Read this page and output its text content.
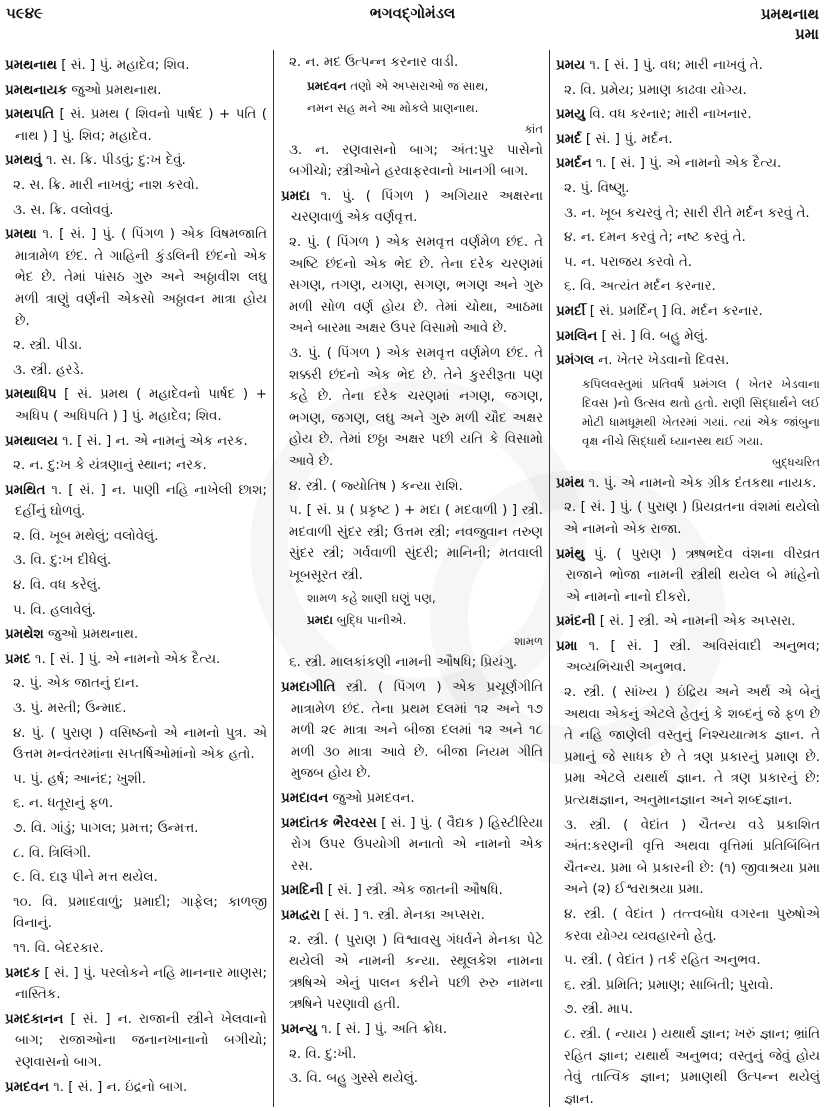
૫૯૪૯	ભગવદ્ગોમંડલ	પ્રમથનાથ
પ્રમા
પ્રમથનાથ [ સં. ] પું. મહાદેવ; શિવ.
પ્રમથનાયક જુઓ પ્રમથનાથ.
પ્રમથપતિ [ સં. પ્રમથ ( શિવનો પાર્ષદ ) + પતિ ( નાથ ) ] પું. શિવ; મહાદેવ.
પ્રમથવું ૧. સ. ક્રિ. પીડવું; દુ:ખ દેવું.
૨. સ. ક્રિ. મારી નાખવું; નાશ કરવો.
૩. સ. ક્રિ. વલોવવું.
પ્રમથા ૧. [ સં. ] પું. ( પિંગળ ) એક વિષમજાતિ માત્રામેળ છંદ. તે ગાહિની કુંડલિની છંદનો એક ભેદ છે. તેમાં પાંસઠ ગુરુ અને અઠ્ઠાવીશ લઘુ મળી ત્રાણું વર્ણની એકસો અઠ્ઠાવન માત્રા હોય છે.
૨. સ્ત્રી. પીડા.
૩. સ્ત્રી. હરડે.
પ્રમથાધિપ [ સં. પ્રમથ ( મહાદેવનો પાર્ષદ ) + અધિપ ( અધિપતિ ) ] પું. મહાદેવ; શિવ.
પ્રમથાલય ૧. [ સં. ] ન. એ નામનું એક નરક.
૨. ન. દુ:ખ કે યંત્રણાનું સ્થાન; નરક.
પ્રમથિત ૧. [ સં. ] ન. પાણી નહિ નાખેલી છાશ; દહીંનું ઘોળવું.
૨. વિ. ખૂબ મથેલું; વલોવેલું.
૩. વિ. દુ:ખ દીધેલું.
૪. વિ. વધ કરેલું.
૫. વિ. હલાવેલું.
પ્રમથેશ જુઓ પ્રમથનાથ.
પ્રમદ ૧. [ સં. ] પું. એ નામનો એક દૈત્ય.
૨. પું. એક જાતનું દાન.
૩. પું. મસ્તી; ઉન્માદ.
૪. પું. ( પુરાણ ) વસિષ્ઠનો એ નામનો પુત્ર. એ ઉત્તમ મન્વંતરમાંના સપ્તર્ષિઓમાંનો એક હતો.
૫. પું. હર્ષ; આનંદ; ખુશી.
૬. ન. ધતૂરાનું ફળ.
૭. વિ. ગાંડું; પાગલ; પ્રમત્ત; ઉન્મત્ત.
૮. વિ. ત્રિલિંગી.
૯. વિ. દારૂ પીને મત્ત થયેલ.
૧૦. વિ. પ્રમાદવાળું; પ્રમાદી; ગાફેલ; કાળજી વિનાનું.
૧૧. વિ. બેદરકાર.
પ્રમદક [ સં. ] પું. પરલોકને નહિ માનનાર માણસ; નાસ્તિક.
પ્રમદકાનન [ સં. ] ન. રાજાની સ્ત્રીને ખેલવાનો બાગ; રાજાઓના જનાનખાનાનો બગીચો; રણવાસનો બાગ.
પ્રમદવન ૧. [ સં. ] ન. ઇંદ્રનો બાગ.
૨. ન. મદ ઉત્પન્ન કરનાર વાડી.
પ્રમદવન તણો એ અપ્સરાઓ જ સાથ,
નમન સહ મને આ મોકલે પ્રાણનાથ.
કાંત
૩. ન. રણવાસનો બાગ; અંત:પુર પાસેનો બગીચો; સ્ત્રીઓને હરવાફરવાનો ખાનગી બાગ.
પ્રમદા ૧. પું. ( પિંગળ ) અગિયાર અક્ષરના ચરણવાળું એક વર્ણવૃત્ત.
૨. પું. ( પિંગળ ) એક સમવૃત્ત વર્ણમેળ છંદ. તે અષ્ટિ છંદનો એક ભેદ છે. તેના દરેક ચરણમાં સગણ, તગણ, યગણ, સગણ, ભગણ અને ગુરુ મળી સોળ વર્ણ હોય છે. તેમાં ચોથા, આઠમા અને બારમા અક્ષર ઉપર વિસામો આવે છે.
૩. પું. ( પિંગળ ) એક સમવૃત્ત વર્ણમેળ છંદ. તે શક્કરી છંદનો એક ભેદ છે. તેને કુરરીરૂતા પણ કહે છે. તેના દરેક ચરણમાં નગણ, જગણ, ભગણ, જગણ, લઘુ અને ગુરુ મળી ચૌદ અક્ષર હોય છે. તેમાં છઠ્ઠા અક્ષર પછી યતિ કે વિસામો આવે છે.
૪. સ્ત્રી. ( જ્યોતિષ ) કન્યા રાશિ.
૫. [ સં. પ્ર ( પ્રકૃષ્ટ ) + મદા ( મદવાળી ) ] સ્ત્રી. મદવાળી સુંદર સ્ત્રી; ઉત્તમ સ્ત્રી; નવજુવાન તરુણ સુંદર સ્ત્રી; ગર્વવાળી સુંદરી; માનિની; મતવાલી ખૂબસૂરત સ્ત્રી.
શામળ કહે શાણી ઘણું પણ,
પ્રમદા બુદ્ધિ પાનીએ.
શામળ
૬. સ્ત્રી. માલકાંકણી નામની ઔષધિ; પ્રિયંગુ.
પ્રમદાગીતિ સ્ત્રી. ( પિંગળ ) એક પ્રચૂર્ણગીતિ માત્રામેળ છંદ. તેના પ્રથમ દલમાં ૧૨ અને ૧૭ મળી ૨૯ માત્રા અને બીજા દલમાં ૧૨ અને ૧૮ મળી ૩૦ માત્રા આવે છે. બીજા નિયમ ગીતિ મુજબ હોય છે.
પ્રમદાવન જુઓ પ્રમદવન.
પ્રમદાંતક ભૈરવરસ [ સં. ] પું. ( વૈદ્યક ) હિસ્ટીરિયા રોગ ઉપર ઉપયોગી મનાતો એ નામનો એક રસ.
પ્રમદિની [ સં. ] સ્ત્રી. એક જાતની ઔષધિ.
પ્રમદ્વરા [ સં. ] ૧. સ્ત્રી. મેનકા અપ્સરા.
૨. સ્ત્રી. ( પુરાણ ) વિશ્વાવસુ ગંધર્વને મેનકા પેટે થયેલી એ નામની કન્યા. સ્થૂલકેશ નામના ઋષિએ એનું પાલન કરીને પછી રુરુ નામના ઋષિને પરણાવી હતી.
પ્રમન્યુ ૧. [ સં. ] પું. અતિ ક્રોધ.
૨. વિ. દુ:ખી.
૩. વિ. બહુ ગુસ્સે થયેલું.
પ્રમય ૧. [ સં. ] પું. વધ; મારી નાખવું તે.
૨. વિ. પ્રમેય; પ્રમાણ કાઢવા યોગ્ય.
પ્રમયુ વિ. વધ કરનાર; મારી નાખનાર.
પ્રમર્દ [ સં. ] પું. મર્દન.
પ્રમર્દન ૧. [ સં. ] પું. એ નામનો એક દૈત્ય.
૨. પું. વિષ્ણુ.
૩. ન. ખૂબ કચરવું તે; સારી રીતે મર્દન કરવું તે.
૪. ન. દમન કરવું તે; નષ્ટ કરવું તે.
૫. ન. પરાજય કરવો તે.
૬. વિ. અત્યંત મર્દન કરનાર.
પ્રમર્દી [ સં. પ્રમર્દિન્ ] વિ. મર્દન કરનાર.
પ્રમલિન [ સં. ] વિ. બહુ મેલું.
પ્રમંગલ ન. ખેતર ખેડવાનો દિવસ.
કપિલવસ્તુમાં પ્રતિવર્ષ પ્રમંગલ ( ખેતર ખેડવાના દિવસ )નો ઉત્સવ થતો હતો. રાણી સિદ્ધાર્થને લઈ મોટી ધામધૂમથી ખેતરમાં ગયાં. ત્યાં એક જાંબુના વૃક્ષ નીચે સિદ્ધાર્થ ધ્યાનસ્થ થઈ ગયા.
બુદ્ધચરિત
પ્રમંથ ૧. પું. એ નામનો એક ગ્રીક દંતકથા નાયક.
૨. [ સં. ] પું. ( પુરાણ ) પ્રિયવ્રતના વંશમાં થયેલો એ નામનો એક રાજા.
પ્રમંથુ પું. ( પુરાણ ) ઋષભદેવ વંશના વીરવ્રત રાજાને ભોજા નામની સ્ત્રીથી થયેલ બે માંહેનો એ નામનો નાનો દીકરો.
પ્રમંદની [ સં. ] સ્ત્રી. એ નામની એક અપ્સરા.
પ્રમા ૧. [ સં. ] સ્ત્રી. અવિસંવાદી અનુભવ; અવ્યભિચારી અનુભવ.
૨. સ્ત્રી. ( સાંખ્ય ) ઇંદ્રિય અને અર્થ એ બેનું અથવા એકનું એટલે હેતુનું કે શબ્દનું જે ફળ છે તે નહિ જાણેલી વસ્તુનું નિશ્ચયાત્મક જ્ઞાન. તે પ્રમાનું જે સાધક છે તે ત્રણ પ્રકારનું પ્રમાણ છે. પ્રમા એટલે યથાર્થ જ્ઞાન. તે ત્રણ પ્રકારનું છે: પ્રત્યક્ષજ્ઞાન, અનુમાનજ્ઞાન અને શબ્દજ્ઞાન.
૩. સ્ત્રી. ( વેદાંત ) ચૈતન્ય વડે પ્રકાશિત અંત:કરણની વૃત્તિ અથવા વૃત્તિમાં પ્રતિબિંબિત ચૈતન્ય. પ્રમા બે પ્રકારની છે: (૧) જીવાશ્રયા પ્રમા અને (૨) ઈશ્વરાશ્રયા પ્રમા.
૪. સ્ત્રી. ( વેદાંત ) તત્ત્વબોધ વગરના પુરુષોએ કરવા યોગ્ય વ્યવહારનો હેતુ.
૫. સ્ત્રી. ( વેદાંત ) તર્ક રહિત અનુભવ.
૬. સ્ત્રી. પ્રમિતિ; પ્રમાણ; સાબિતી; પુરાવો.
૭. સ્ત્રી. માપ.
૮. સ્ત્રી. ( ન્યાય ) યથાર્થ જ્ઞાન; ખરું જ્ઞાન; ભ્રાંતિ રહિત જ્ઞાન; યથાર્થ અનુભવ; વસ્તુનું જેવું હોય તેવું તાત્વિક જ્ઞાન; પ્રમાણથી ઉત્પન્ન થયેલું જ્ઞાન.
